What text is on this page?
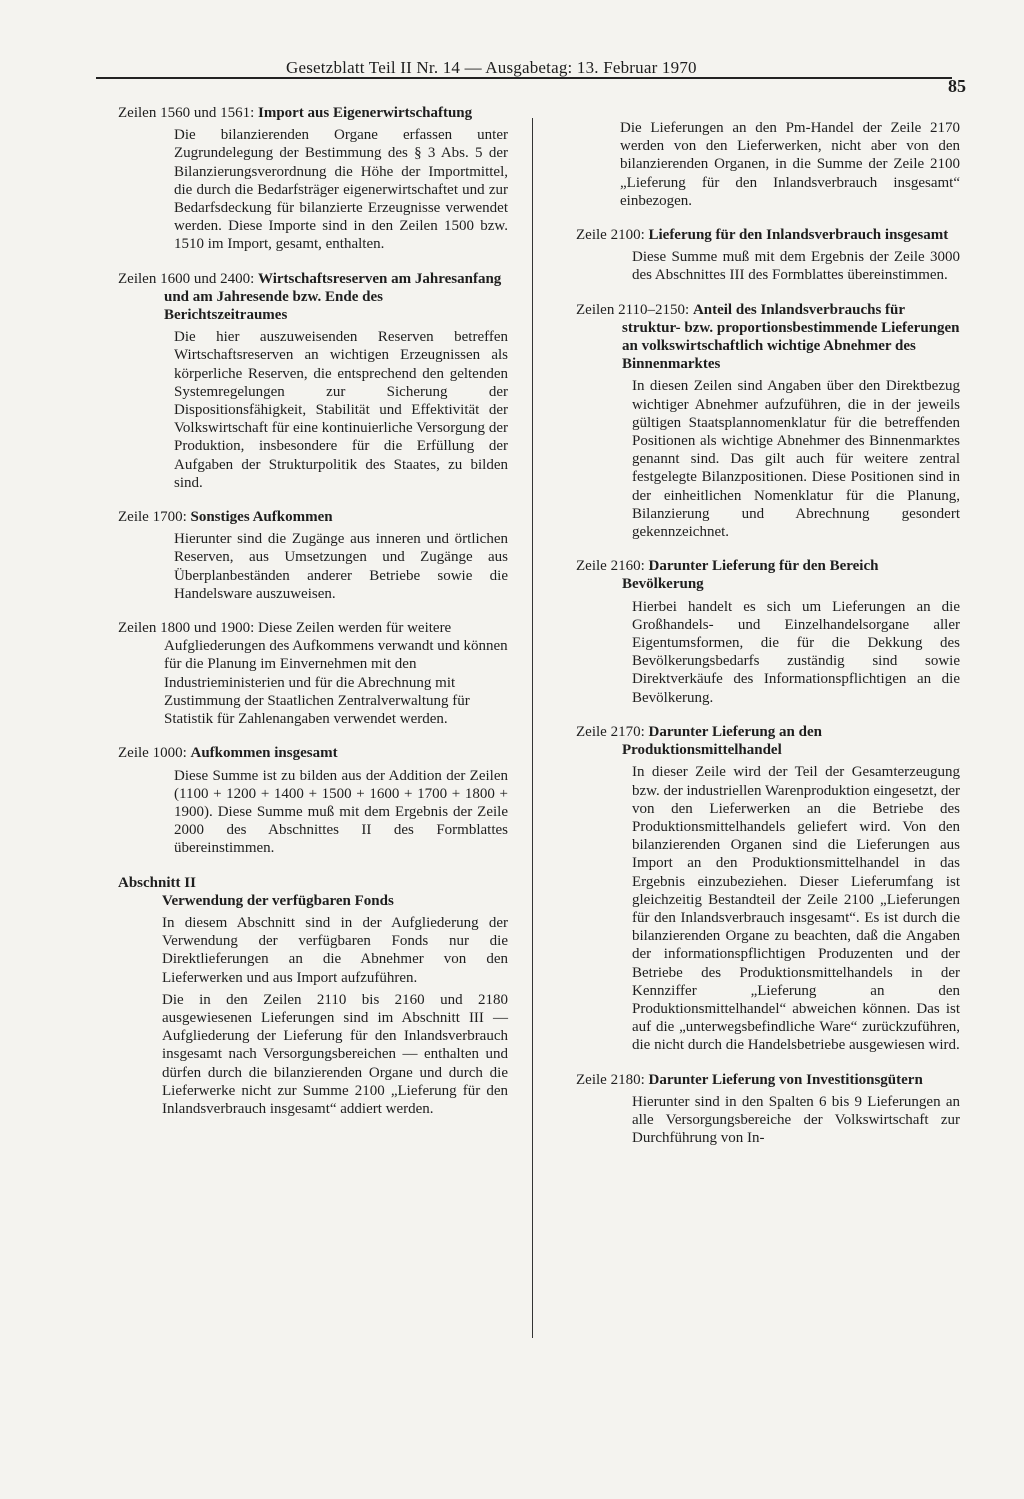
Gesetzblatt Teil II Nr. 14 — Ausgabetag: 13. Februar 1970
85

Zeilen 1560 und 1561: Import aus Eigenerwirtschaftung

Die bilanzierenden Organe erfassen unter Zugrundelegung der Bestimmung des § 3 Abs. 5 der Bilanzierungsverordnung die Höhe der Importmittel, die durch die Bedarfsträger eigenerwirtschaftet und zur Bedarfsdeckung für bilanzierte Erzeugnisse verwendet werden. Diese Importe sind in den Zeilen 1500 bzw. 1510 im Import, gesamt, enthalten.

Zeilen 1600 und 2400: Wirtschaftsreserven am Jahresanfang und am Jahresende bzw. Ende des Berichtszeitraumes

Die hier auszuweisenden Reserven betreffen Wirtschaftsreserven an wichtigen Erzeugnissen als körperliche Reserven, die entsprechend den geltenden Systemregelungen zur Sicherung der Dispositionsfähigkeit, Stabilität und Effektivität der Volkswirtschaft für eine kontinuierliche Versorgung der Produktion, insbesondere für die Erfüllung der Aufgaben der Strukturpolitik des Staates, zu bilden sind.

Zeile 1700: Sonstiges Aufkommen

Hierunter sind die Zugänge aus inneren und örtlichen Reserven, aus Umsetzungen und Zugänge aus Überplanbeständen anderer Betriebe sowie die Handelsware auszuweisen.

Zeilen 1800 und 1900: Diese Zeilen werden für weitere Aufgliederungen des Aufkommens verwandt und können für die Planung im Einvernehmen mit den Industrieministerien und für die Abrechnung mit Zustimmung der Staatlichen Zentralverwaltung für Statistik für Zahlenangaben verwendet werden.

Zeile 1000: Aufkommen insgesamt

Diese Summe ist zu bilden aus der Addition der Zeilen (1100 + 1200 + 1400 + 1500 + 1600 + 1700 + 1800 + 1900). Diese Summe muß mit dem Ergebnis der Zeile 2000 des Abschnittes II des Formblattes übereinstimmen.

Abschnitt II

Verwendung der verfügbaren Fonds

In diesem Abschnitt sind in der Aufgliederung der Verwendung der verfügbaren Fonds nur die Direktlieferungen an die Abnehmer von den Lieferwerken und aus Import aufzuführen.

Die in den Zeilen 2110 bis 2160 und 2180 ausgewiesenen Lieferungen sind im Abschnitt III — Aufgliederung der Lieferung für den Inlandsverbrauch insgesamt nach Versorgungsbereichen — enthalten und dürfen durch die bilanzierenden Organe und durch die Lieferwerke nicht zur Summe 2100 „Lieferung für den Inlandsverbrauch insgesamt“ addiert werden.

Die Lieferungen an den Pm-Handel der Zeile 2170 werden von den Lieferwerken, nicht aber von den bilanzierenden Organen, in die Summe der Zeile 2100 „Lieferung für den Inlandsverbrauch insgesamt“ einbezogen.

Zeile 2100: Lieferung für den Inlandsverbrauch insgesamt

Diese Summe muß mit dem Ergebnis der Zeile 3000 des Abschnittes III des Formblattes übereinstimmen.

Zeilen 2110–2150: Anteil des Inlandsverbrauchs für struktur- bzw. proportionsbestimmende Lieferungen an volkswirtschaftlich wichtige Abnehmer des Binnenmarktes

In diesen Zeilen sind Angaben über den Direktbezug wichtiger Abnehmer aufzuführen, die in der jeweils gültigen Staatsplannomenklatur für die betreffenden Positionen als wichtige Abnehmer des Binnenmarktes genannt sind. Das gilt auch für weitere zentral festgelegte Bilanzpositionen. Diese Positionen sind in der einheitlichen Nomenklatur für die Planung, Bilanzierung und Abrechnung gesondert gekennzeichnet.

Zeile 2160: Darunter Lieferung für den Bereich Bevölkerung

Hierbei handelt es sich um Lieferungen an die Großhandels- und Einzelhandelsorgane aller Eigentumsformen, die für die Dekkung des Bevölkerungsbedarfs zuständig sind sowie Direktverkäufe des Informationspflichtigen an die Bevölkerung.

Zeile 2170: Darunter Lieferung an den Produktionsmittelhandel

In dieser Zeile wird der Teil der Gesamterzeugung bzw. der industriellen Warenproduktion eingesetzt, der von den Lieferwerken an die Betriebe des Produktionsmittelhandels geliefert wird. Von den bilanzierenden Organen sind die Lieferungen aus Import an den Produktionsmittelhandel in das Ergebnis einzubeziehen. Dieser Lieferumfang ist gleichzeitig Bestandteil der Zeile 2100 „Lieferungen für den Inlandsverbrauch insgesamt“. Es ist durch die bilanzierenden Organe zu beachten, daß die Angaben der informationspflichtigen Produzenten und der Betriebe des Produktionsmittelhandels in der Kennziffer „Lieferung an den Produktionsmittelhandel“ abweichen können. Das ist auf die „unterwegsbefindliche Ware“ zurückzuführen, die nicht durch die Handelsbetriebe ausgewiesen wird.

Zeile 2180: Darunter Lieferung von Investitionsgütern

Hierunter sind in den Spalten 6 bis 9 Lieferungen an alle Versorgungsbereiche der Volkswirtschaft zur Durchführung von In-
